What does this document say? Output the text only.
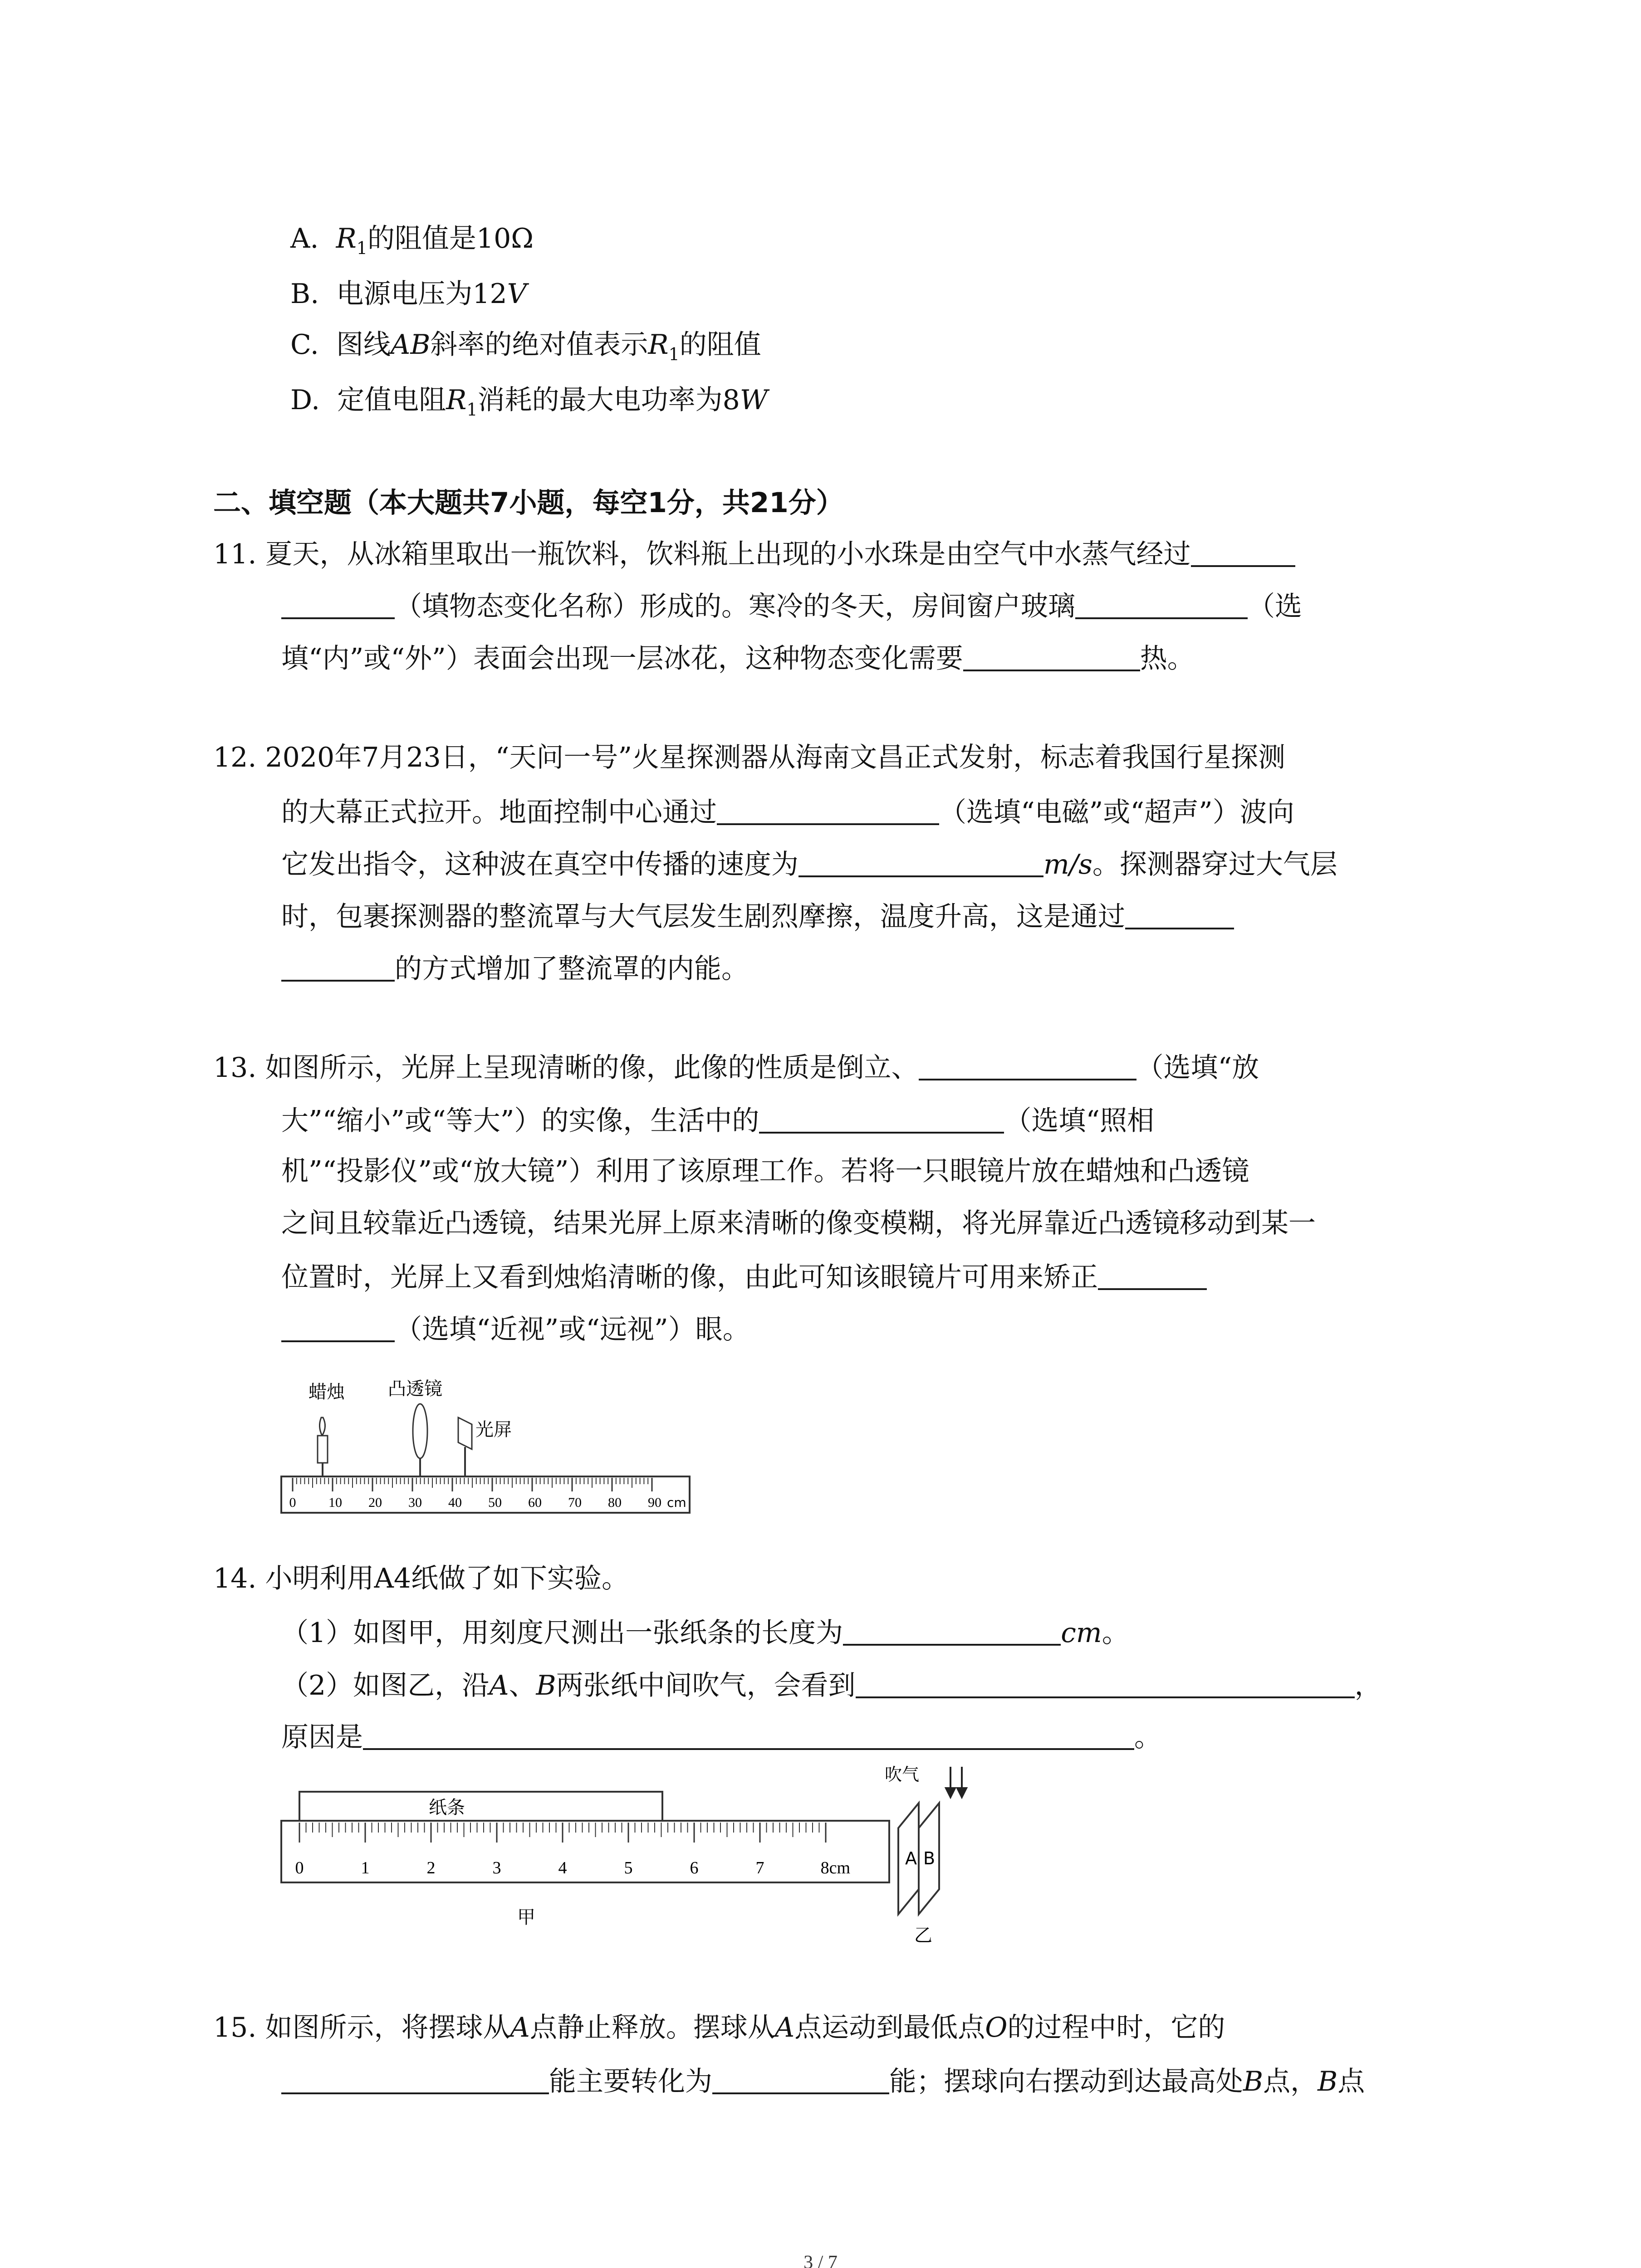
A. $R_1$的阻值是10Ω
B. 电源电压为12V
C. 图线AB斜率的绝对值表示$R_1$的阻值
D. 定值电阻$R_1$消耗的最大电功率为8W
二、填空题（本大题共7小题，每空1分，共21分）
11. 夏天，从冰箱里取出一瓶饮料，饮料瓶上出现的小水珠是由空气中水蒸气经过
（填物态变化名称）形成的。寒冷的冬天，房间窗户玻璃	（选
填“内”或“外”）表面会出现一层冰花，这种物态变化需要	热。
12. 2020年7月23日，“天问一号”火星探测器从海南文昌正式发射，标志着我国行星探测
的大幕正式拉开。地面控制中心通过	（选填“电磁”或“超声”）波向
它发出指令，这种波在真空中传播的速度为	m/s。探测器穿过大气层
时，包裹探测器的整流罩与大气层发生剧烈摩擦，温度升高，这是通过
的方式增加了整流罩的内能。
13. 如图所示，光屏上呈现清晰的像，此像的性质是倒立、	（选填“放
大”“缩小”或“等大”）的实像，生活中的	（选填“照相
机”“投影仪”或“放大镜”）利用了该原理工作。若将一只眼镜片放在蜡烛和凸透镜
之间且较靠近凸透镜，结果光屏上原来清晰的像变模糊，将光屏靠近凸透镜移动到某一
位置时，光屏上又看到烛焰清晰的像，由此可知该眼镜片可用来矫正
（选填“近视”或“远视”）眼。
蜡烛 凸透镜
光屏
0 10 20 30 40 50 60 70 80 90 cm
14. 小明利用A4纸做了如下实验。
（1）如图甲，用刻度尺测出一张纸条的长度为	cm。
（2）如图乙，沿A、B两张纸中间吹气，会看到	，
原因是	。
纸条
0	1	2	3	4	5	6	7	8cm
甲
吹气
A B
乙
15. 如图所示，将摆球从A点静止释放。摆球从A点运动到最低点O的过程中时，它的
能主要转化为	能；摆球向右摆动到达最高处B点，B点
3 / 7
